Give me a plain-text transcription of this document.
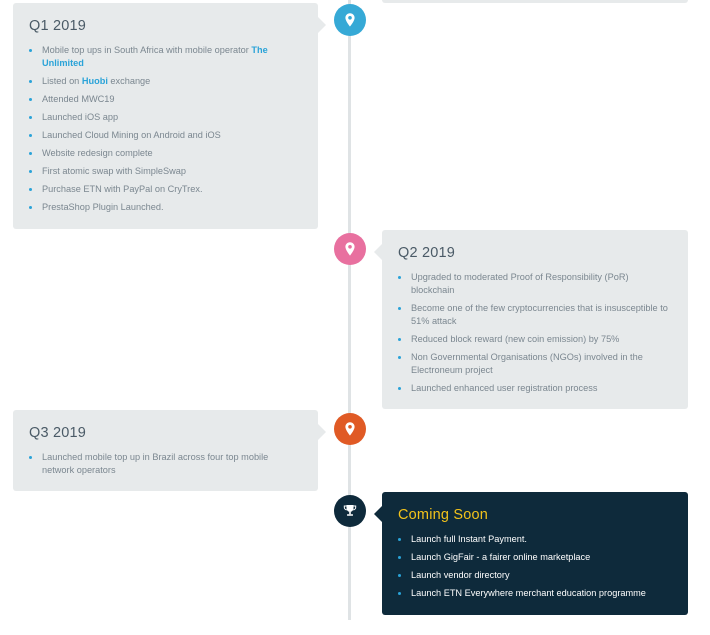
Q1 2019
Mobile top ups in South Africa with mobile operator The Unlimited
Listed on Huobi exchange
Attended MWC19
Launched iOS app
Launched Cloud Mining on Android and iOS
Website redesign complete
First atomic swap with SimpleSwap
Purchase ETN with PayPal on CryTrex.
PrestaShop Plugin Launched.
Q2 2019
Upgraded to moderated Proof of Responsibility (PoR) blockchain
Become one of the few cryptocurrencies that is insusceptible to 51% attack
Reduced block reward (new coin emission) by 75%
Non Governmental Organisations (NGOs) involved in the Electroneum project
Launched enhanced user registration process
Q3 2019
Launched mobile top up in Brazil across four top mobile network operators
Coming Soon
Launch full Instant Payment.
Launch GigFair - a fairer online marketplace
Launch vendor directory
Launch ETN Everywhere merchant education programme
